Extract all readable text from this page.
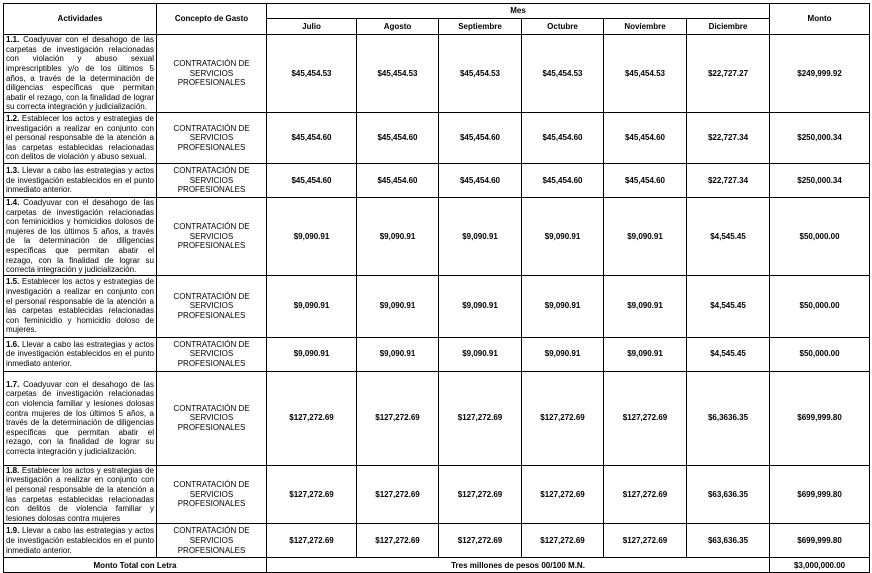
Actividades	Concepto de Gasto	Mes						Monto
		Julio	Agosto	Septiembre	Octubre	Noviembre	Diciembre	
1.1. Coadyuvar con el desahogo de las carpetas de investigación relacionadas con violación y abuso sexual imprescriptibles y/o de los últimos 5 años, a través de la determinación de diligencias específicas que permitan abatir el rezago, con la finalidad de lograr su correcta integración y judicialización.	CONTRATACIÓN DE SERVICIOS PROFESIONALES	$45,454.53	$45,454.53	$45,454.53	$45,454.53	$45,454.53	$22,727.27	$249,999.92
1.2. Establecer los actos y estrategias de investigación a realizar en conjunto con el personal responsable de la atención a las carpetas establecidas relacionadas con delitos de violación y abuso sexual.	CONTRATACIÓN DE SERVICIOS PROFESIONALES	$45,454.60	$45,454.60	$45,454.60	$45,454.60	$45,454.60	$22,727.34	$250,000.34
1.3. Llevar a cabo las estrategias y actos de investigación establecidos en el punto inmediato anterior.	CONTRATACIÓN DE SERVICIOS PROFESIONALES	$45,454.60	$45,454.60	$45,454.60	$45,454.60	$45,454.60	$22,727.34	$250,000.34
1.4. Coadyuvar con el desahogo de las carpetas de investigación relacionadas con feminicidios y homicidios dolosos de mujeres de los últimos 5 años, a través de la determinación de diligencias específicas que permitan abatir el rezago, con la finalidad de lograr su correcta integración y judicialización.	CONTRATACIÓN DE SERVICIOS PROFESIONALES	$9,090.91	$9,090.91	$9,090.91	$9,090.91	$9,090.91	$4,545.45	$50,000.00
1.5. Establecer los actos y estrategias de investigación a realizar en conjunto con el personal responsable de la atención a las carpetas establecidas relacionadas con feminicidio y homicidio doloso de mujeres.	CONTRATACIÓN DE SERVICIOS PROFESIONALES	$9,090.91	$9,090.91	$9,090.91	$9,090.91	$9,090.91	$4,545.45	$50,000.00
1.6. Llevar a cabo las estrategias y actos de investigación establecidos en el punto inmediato anterior.	CONTRATACIÓN DE SERVICIOS PROFESIONALES	$9,090.91	$9,090.91	$9,090.91	$9,090.91	$9,090.91	$4,545.45	$50,000.00
1.7. Coadyuvar con el desahogo de las carpetas de investigación relacionadas con violencia familiar y lesiones dolosas contra mujeres de los últimos 5 años, a través de la determinación de diligencias específicas que permitan abatir el rezago, con la finalidad de lograr su correcta integración y judicialización.	CONTRATACIÓN DE SERVICIOS PROFESIONALES	$127,272.69	$127,272.69	$127,272.69	$127,272.69	$127,272.69	$6,3636.35	$699,999.80
1.8. Establecer los actos y estrategias de investigación a realizar en conjunto con el personal responsable de la atención a las carpetas establecidas relacionadas con delitos de violencia familiar y lesiones dolosas contra mujeres	CONTRATACIÓN DE SERVICIOS PROFESIONALES	$127,272.69	$127,272.69	$127,272.69	$127,272.69	$127,272.69	$63,636.35	$699,999.80
1.9. Llevar a cabo las estrategias y actos de investigación establecidos en el punto inmediato anterior.	CONTRATACIÓN DE SERVICIOS PROFESIONALES	$127,272.69	$127,272.69	$127,272.69	$127,272.69	$127,272.69	$63,636.35	$699,999.80
Monto Total con Letra		Tres millones de pesos 00/100 M.N.						$3,000,000.00
